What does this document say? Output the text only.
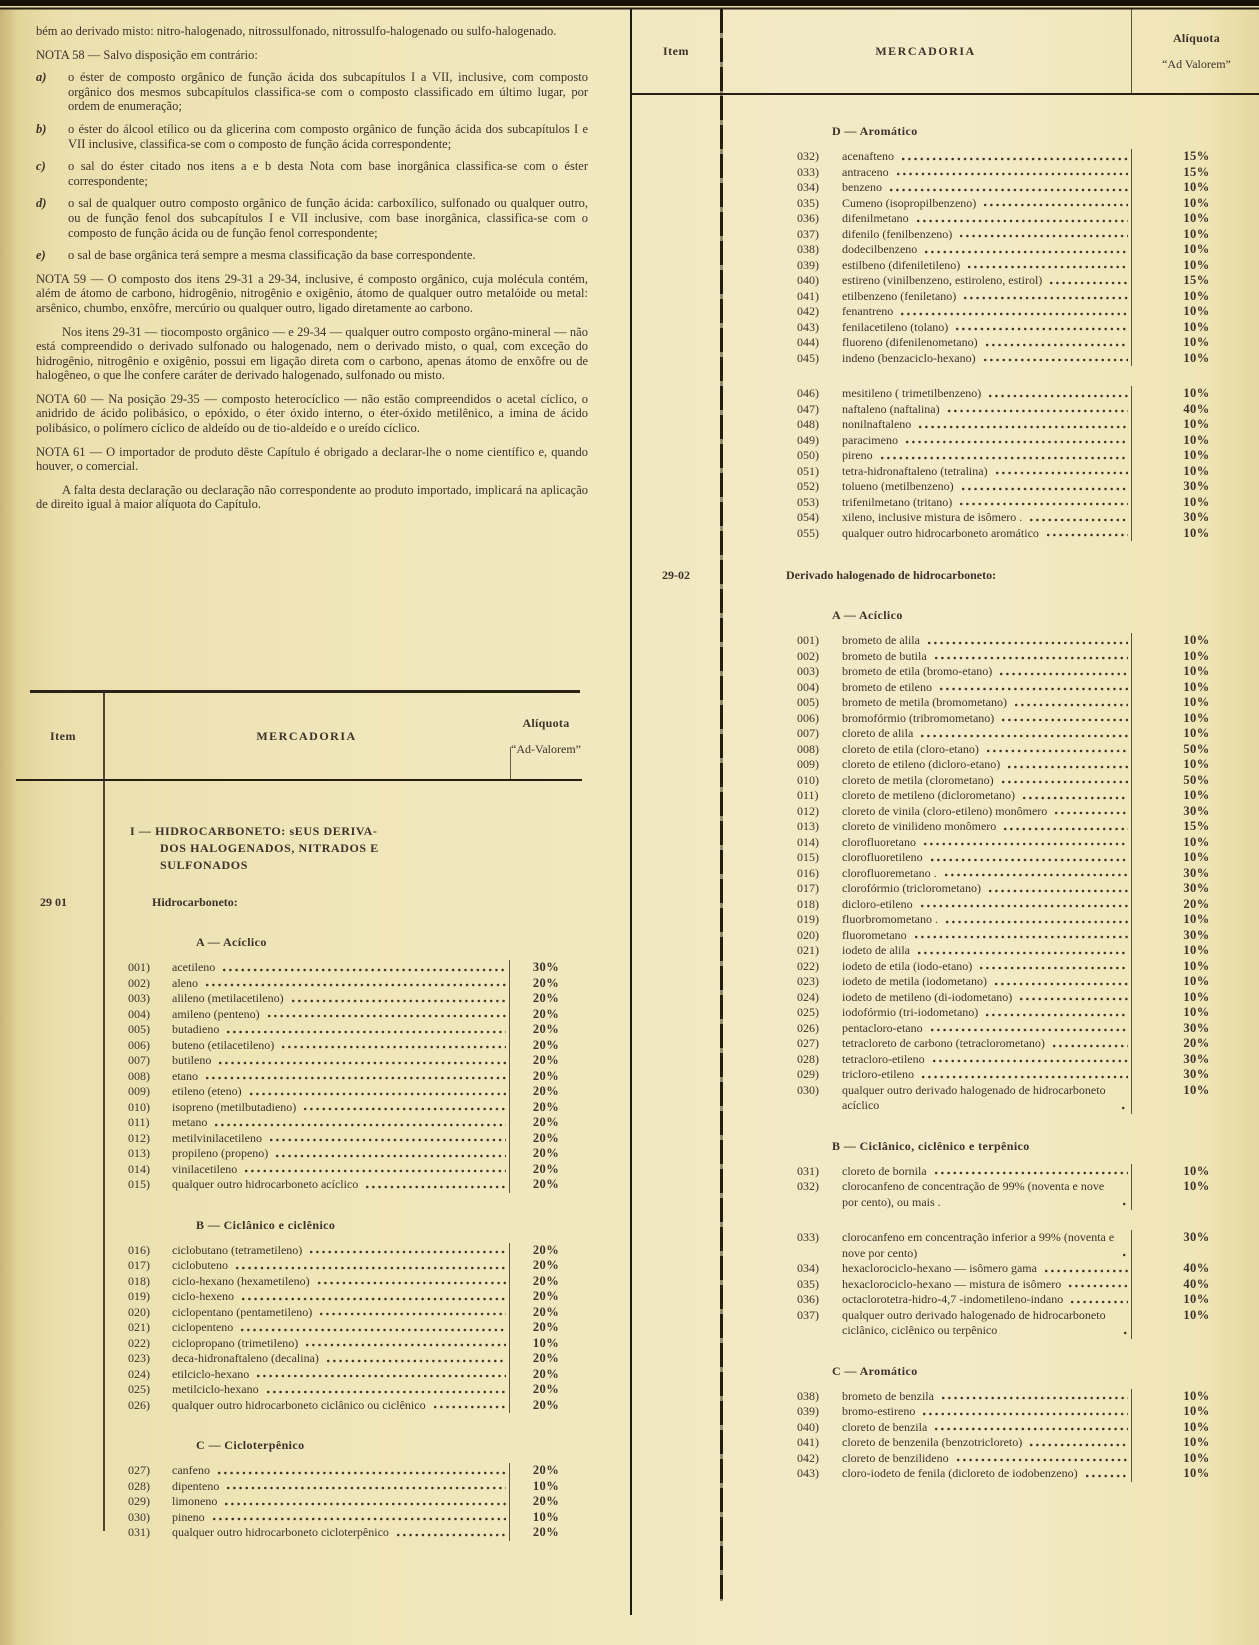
bém ao derivado misto: nitro-halogenado, nitrossulfonado, nitrossulfo-halogenado ou sulfo-halogenado.
NOTA 58 — Salvo disposição em contrário:
a)	o éster de composto orgânico de função ácida dos subcapítulos I a VII, inclusive, com composto orgânico dos mesmos subcapítulos classifica-se com o composto classificado em último lugar, por ordem de enumeração;
b)	o éster do álcool etílico ou da glicerina com composto orgânico de função ácida dos subcapítulos I e VII inclusive, classifica-se com o composto de função ácida correspondente;
c)	o sal do éster citado nos itens a e b desta Nota com base inorgânica classifica-se com o éster correspondente;
d)	o sal de qualquer outro composto orgânico de função ácida: carboxílico, sulfonado ou qualquer outro, ou de função fenol dos subcapítulos I e VII inclusive, com base inorgânica, classifica-se com o composto de função ácida ou de função fenol correspondente;
e)	o sal de base orgânica terá sempre a mesma classificação da base correspondente.
NOTA 59 — O composto dos itens 29-31 a 29-34, inclusive, é composto orgânico, cuja molécula contém, além de átomo de carbono, hidrogênio, nitrogênio e oxigênio, átomo de qualquer outro metalóide ou metal: arsênico, chumbo, enxôfre, mercúrio ou qualquer outro, ligado diretamente ao carbono.
Nos itens 29-31 — tiocomposto orgânico — e 29-34 — qualquer outro composto orgâno-mineral — não está compreendido o derivado sulfonado ou halogenado, nem o derivado misto, o qual, com exceção do hidrogênio, nitrogênio e oxigênio, possui em ligação direta com o carbono, apenas átomo de enxôfre ou de halogêneo, o que lhe confere caráter de derivado halogenado, sulfonado ou misto.
NOTA 60 — Na posição 29-35 — composto heterocíclico — não estão compreendidos o acetal cíclico, o anidrido de ácido polibásico, o epóxido, o éter óxido interno, o éter-óxido metilênico, a imina de ácido polibásico, o polímero cíclico de aldeído ou de tio-aldeído e o ureído cíclico.
NOTA 61 — O importador de produto dêste Capítulo é obrigado a declarar-lhe o nome científico e, quando houver, o comercial.
A falta desta declaração ou declaração não correspondente ao produto importado, implicará na aplicação de direito igual à maior alíquota do Capítulo.
Item	MERCADORIA
Alíquota
“Ad-Valorem”
I — HIDROCARBONETO: sEUS DERIVA-
DOS HALOGENADOS, NITRADOS E
SULFONADOS
29 01	Hidrocarboneto:
A — Acíclico
001)	acetileno	30%
002)	aleno	20%
003)	alileno (metilacetileno)	20%
004)	amileno (penteno)	20%
005)	butadieno	20%
006)	buteno (etilacetileno)	20%
007)	butileno	20%
008)	etano	20%
009)	etileno (eteno)	20%
010)	isopreno (metilbutadieno)	20%
011)	metano	20%
012)	metilvinilacetileno	20%
013)	propileno (propeno)	20%
014)	vinilacetileno	20%
015)	qualquer outro hidrocarboneto acíclico	20%
B — Ciclânico e ciclênico
016)	ciclobutano (tetrametileno)	20%
017)	ciclobuteno	20%
018)	ciclo-hexano (hexametileno)	20%
019)	ciclo-hexeno	20%
020)	ciclopentano (pentametileno)	20%
021)	ciclopenteno	20%
022)	ciclopropano (trimetileno)	10%
023)	deca-hidronaftaleno (decalina)	20%
024)	etilciclo-hexano	20%
025)	metilciclo-hexano	20%
026)	qualquer outro hidrocarboneto ciclânico ou ciclênico	20%
C — Cicloterpênico
027)	canfeno	20%
028)	dipenteno	10%
029)	limoneno	20%
030)	pineno	10%
031)	qualquer outro hidrocarboneto cicloterpênico	20%
Item	MERCADORIA
Alíquota
“Ad Valorem”
D — Aromático
032)	acenafteno	15%
033)	antraceno	15%
034)	benzeno	10%
035)	Cumeno (isopropilbenzeno)	10%
036)	difenilmetano	10%
037)	difenilo (fenilbenzeno)	10%
038)	dodecilbenzeno	10%
039)	estilbeno (difeniletileno)	10%
040)	estireno (vinilbenzeno, estiroleno, estirol)	15%
041)	etilbenzeno (feniletano)	10%
042)	fenantreno	10%
043)	fenilacetileno (tolano)	10%
044)	fluoreno (difenilenometano)	10%
045)	indeno (benzaciclo-hexano)	10%
046)	mesitileno ( trimetilbenzeno)	10%
047)	naftaleno (naftalina)	40%
048)	nonilnaftaleno	10%
049)	paracimeno	10%
050)	pireno	10%
051)	tetra-hidronaftaleno (tetralina)	10%
052)	tolueno (metilbenzeno)	30%
053)	trifenilmetano (tritano)	10%
054)	xileno, inclusive mistura de isômero .	30%
055)	qualquer outro hidrocarboneto aromático	10%
29-02	Derivado halogenado de hidrocarboneto:
A — Acíclico
001)	brometo de alila	10%
002)	brometo de butila	10%
003)	brometo de etila (bromo-etano)	10%
004)	brometo de etileno	10%
005)	brometo de metila (bromometano)	10%
006)	bromofórmio (tribromometano)	10%
007)	cloreto de alila	10%
008)	cloreto de etila (cloro-etano)	50%
009)	cloreto de etileno (dicloro-etano)	10%
010)	cloreto de metila (clorometano)	50%
011)	cloreto de metileno (diclorometano)	10%
012)	cloreto de vinila (cloro-etileno) monômero	30%
013)	cloreto de vinilideno monômero	15%
014)	clorofluoretano	10%
015)	clorofluoretileno	10%
016)	clorofluoremetano .	30%
017)	clorofórmio (triclorometano)	30%
018)	dicloro-etileno	20%
019)	fluorbromometano .	10%
020)	fluorometano	30%
021)	iodeto de alila	10%
022)	iodeto de etila (iodo-etano)	10%
023)	iodeto de metila (iodometano)	10%
024)	iodeto de metileno (di-iodometano)	10%
025)	iodofórmio (tri-iodometano)	10%
026)	pentacloro-etano	30%
027)	tetracloreto de carbono (tetraclorometano)	20%
028)	tetracloro-etileno	30%
029)	tricloro-etileno	30%
030)	qualquer outro derivado halogenado de hidrocarboneto acíclico
10%
B — Ciclânico, ciclênico e terpênico
031)	cloreto de bornila	10%
032)	clorocanfeno de concentração de 99% (noventa e nove por cento), ou mais .
10%
033)	clorocanfeno em concentração inferior a 99% (noventa e nove por cento)
30%
034)	hexaclorociclo-hexano — isômero gama	40%
035)	hexaclorociclo-hexano — mistura de isômero	40%
036)	octaclorotetra-hidro-4,7 -indometileno-indano	10%
037)	qualquer outro derivado halogenado de hidrocarboneto ciclânico, ciclênico ou terpênico
10%
C — Aromático
038)	brometo de benzila	10%
039)	bromo-estireno	10%
040)	cloreto de benzila	10%
041)	cloreto de benzenila (benzotricloreto)	10%
042)	cloreto de benzilideno	10%
043)	cloro-iodeto de fenila (dicloreto de iodobenzeno)	10%
